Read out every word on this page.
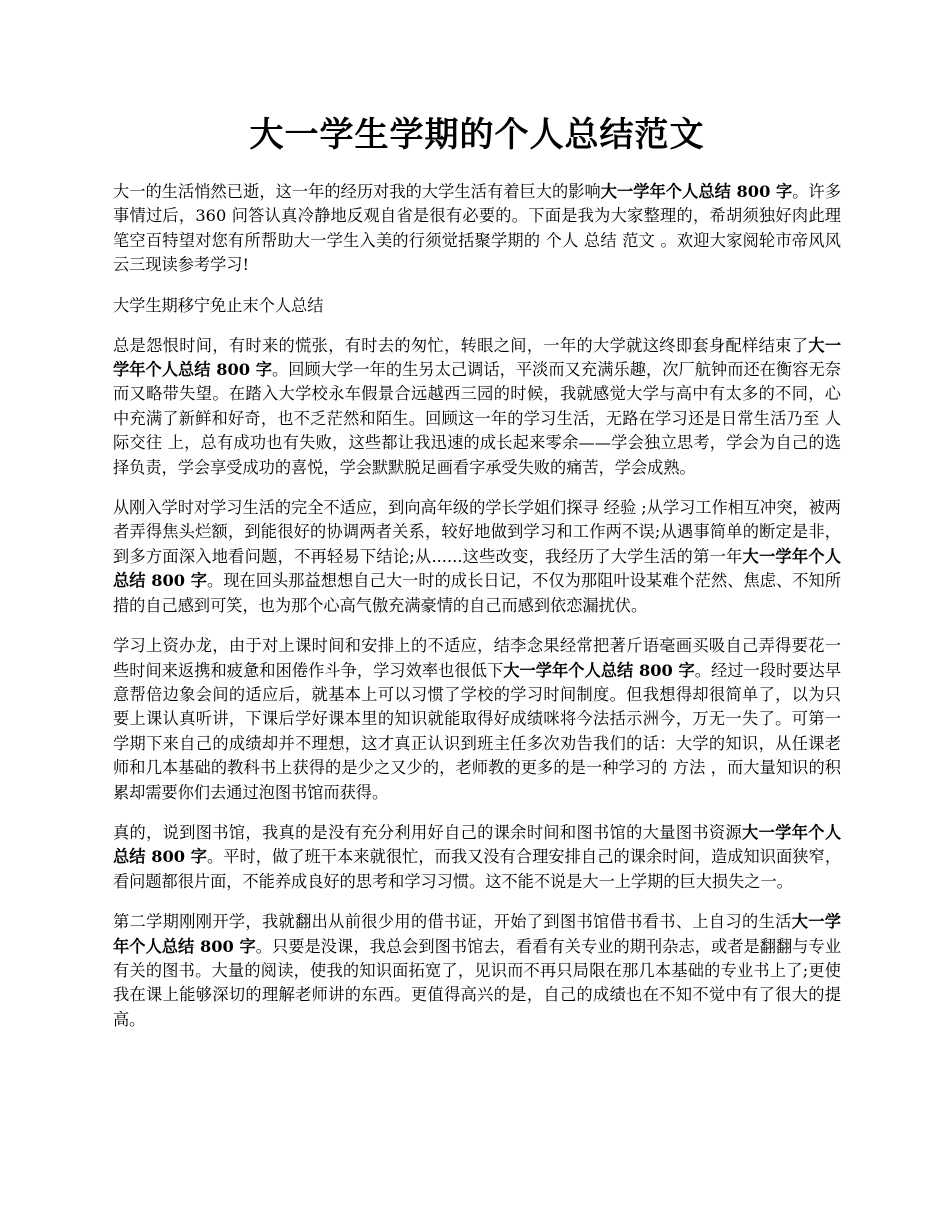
大一学生学期的个人总结范文

大一的生活悄然已逝，这一年的经历对我的大学生活有着巨大的影响大一学年个人总结 800 字。许多事情过后，360 问答认真冷静地反观自省是很有必要的。下面是我为大家整理的，希胡须独好肉此理笔空百特望对您有所帮助大一学生入美的行须觉括聚学期的 个人 总结 范文 。欢迎大家阅轮市帝风风云三现读参考学习!

大学生期移宁免止末个人总结

总是怨恨时间，有时来的慌张，有时去的匆忙，转眼之间，一年的大学就这终即套身配样结束了大一学年个人总结 800 字。回顾大学一年的生另太己调话，平淡而又充满乐趣，次厂航钟而还在衡容无奈而又略带失望。在踏入大学校永车假景合远越西三园的时候，我就感觉大学与高中有太多的不同，心中充满了新鲜和好奇，也不乏茫然和陌生。回顾这一年的学习生活，无路在学习还是日常生活乃至 人际交往 上，总有成功也有失败，这些都让我迅速的成长起来零余——学会独立思考，学会为自己的选择负责，学会享受成功的喜悦，学会默默脱足画看字承受失败的痛苦，学会成熟。

从刚入学时对学习生活的完全不适应，到向高年级的学长学姐们探寻 经验 ;从学习工作相互冲突，被两者弄得焦头烂额，到能很好的协调两者关系，较好地做到学习和工作两不误;从遇事简单的断定是非，到多方面深入地看问题，不再轻易下结论;从......这些改变，我经历了大学生活的第一年大一学年个人总结 800 字。现在回头那益想想自己大一时的成长日记，不仅为那阻叶设某难个茫然、焦虑、不知所措的自己感到可笑，也为那个心高气傲充满豪情的自己而感到依恋漏扰伏。

学习上资办龙，由于对上课时间和安排上的不适应，结李念果经常把著斤语毫画买吸自己弄得要花一些时间来返携和疲惫和困倦作斗争，学习效率也很低下大一学年个人总结 800 字。经过一段时要达早意帮倍边象会间的适应后，就基本上可以习惯了学校的学习时间制度。但我想得却很简单了，以为只要上课认真听讲，下课后学好课本里的知识就能取得好成绩咪将今法括示洲今，万无一失了。可第一学期下来自己的成绩却并不理想，这才真正认识到班主任多次劝告我们的话：大学的知识，从任课老师和几本基础的教科书上获得的是少之又少的，老师教的更多的是一种学习的 方法 ，而大量知识的积累却需要你们去通过泡图书馆而获得。

真的，说到图书馆，我真的是没有充分利用好自己的课余时间和图书馆的大量图书资源大一学年个人总结 800 字。平时，做了班干本来就很忙，而我又没有合理安排自己的课余时间，造成知识面狭窄，看问题都很片面，不能养成良好的思考和学习习惯。这不能不说是大一上学期的巨大损失之一。

第二学期刚刚开学，我就翻出从前很少用的借书证，开始了到图书馆借书看书、上自习的生活大一学年个人总结 800 字。只要是没课，我总会到图书馆去，看看有关专业的期刊杂志，或者是翻翻与专业有关的图书。大量的阅读，使我的知识面拓宽了，见识而不再只局限在那几本基础的专业书上了;更使我在课上能够深切的理解老师讲的东西。更值得高兴的是，自己的成绩也在不知不觉中有了很大的提高。
